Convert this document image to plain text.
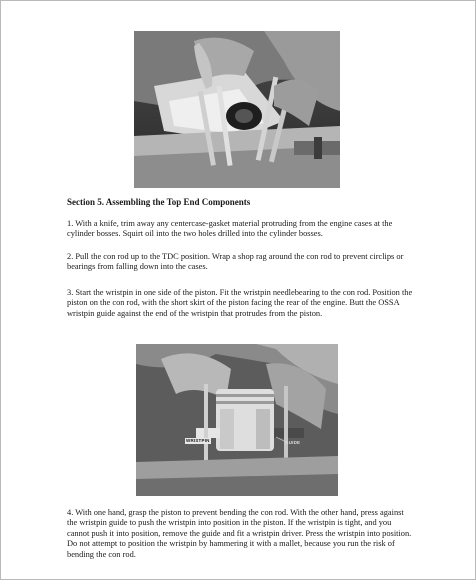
Section 5. Assembling the Top End Components

1. With a knife, trim away any centercase-gasket material protruding from the engine cases at the cylinder bosses. Squirt oil into the two holes drilled into the cylinder bosses.

2. Pull the con rod up to the TDC position. Wrap a shop rag around the con rod to prevent circlips or bearings from falling down into the cases.

3. Start the wristpin in one side of the piston. Fit the wristpin needlebearing to the con rod. Position the piston on the con rod, with the short skirt of the piston facing the rear of the engine. Butt the OSSA wristpin guide against the end of the wristpin that protrudes from the piston.

WRISTPIN	GUIDE

4. With one hand, grasp the piston to prevent bending the con rod. With the other hand, press against the wristpin guide to push the wristpin into position in the piston. If the wristpin is tight, and you cannot push it into position, remove the guide and fit a wristpin driver. Press the wristpin into position. Do not attempt to position the wristpin by hammering it with a mallet, because you run the risk of bending the con rod.
